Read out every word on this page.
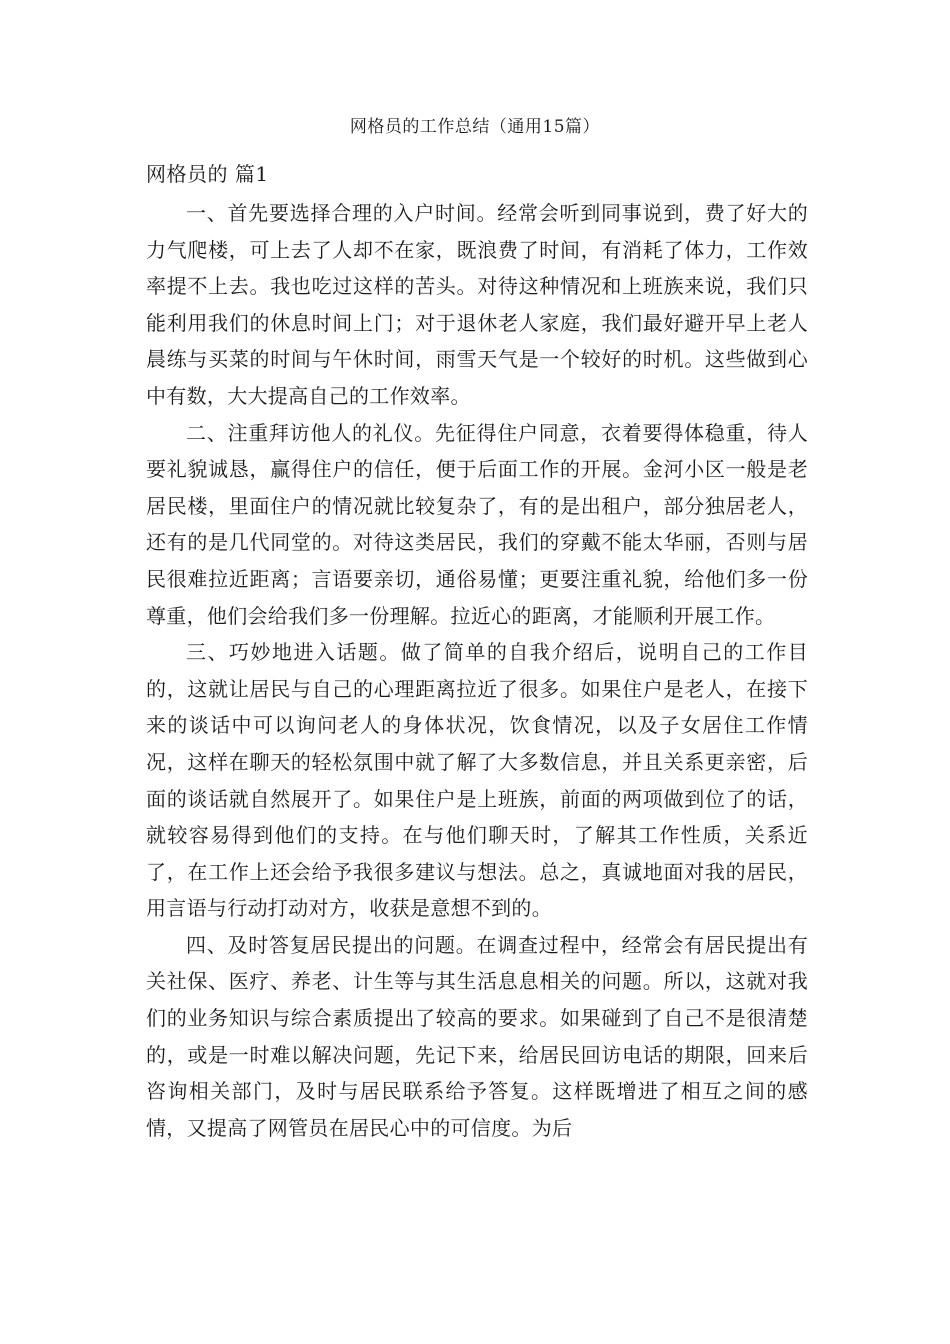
网格员的工作总结（通用15篇）
网格员的 篇1

一、首先要选择合理的入户时间。经常会听到同事说到，费了好大的力气爬楼，可上去了人却不在家，既浪费了时间，有消耗了体力，工作效率提不上去。我也吃过这样的苦头。对待这种情况和上班族来说，我们只能利用我们的休息时间上门；对于退休老人家庭，我们最好避开早上老人晨练与买菜的时间与午休时间，雨雪天气是一个较好的时机。这些做到心中有数，大大提高自己的工作效率。

二、注重拜访他人的礼仪。先征得住户同意，衣着要得体稳重，待人要礼貌诚恳，赢得住户的信任，便于后面工作的开展。金河小区一般是老居民楼，里面住户的情况就比较复杂了，有的是出租户，部分独居老人，还有的是几代同堂的。对待这类居民，我们的穿戴不能太华丽，否则与居民很难拉近距离；言语要亲切，通俗易懂；更要注重礼貌，给他们多一份尊重，他们会给我们多一份理解。拉近心的距离，才能顺利开展工作。

三、巧妙地进入话题。做了简单的自我介绍后，说明自己的工作目的，这就让居民与自己的心理距离拉近了很多。如果住户是老人，在接下来的谈话中可以询问老人的身体状况，饮食情况，以及子女居住工作情况，这样在聊天的轻松氛围中就了解了大多数信息，并且关系更亲密，后面的谈话就自然展开了。如果住户是上班族，前面的两项做到位了的话，就较容易得到他们的支持。在与他们聊天时，了解其工作性质，关系近了，在工作上还会给予我很多建议与想法。总之，真诚地面对我的居民，用言语与行动打动对方，收获是意想不到的。

四、及时答复居民提出的问题。在调查过程中，经常会有居民提出有关社保、医疗、养老、计生等与其生活息息相关的问题。所以，这就对我们的业务知识与综合素质提出了较高的要求。如果碰到了自己不是很清楚的，或是一时难以解决问题，先记下来，给居民回访电话的期限，回来后咨询相关部门，及时与居民联系给予答复。这样既增进了相互之间的感情，又提高了网管员在居民心中的可信度。为后
